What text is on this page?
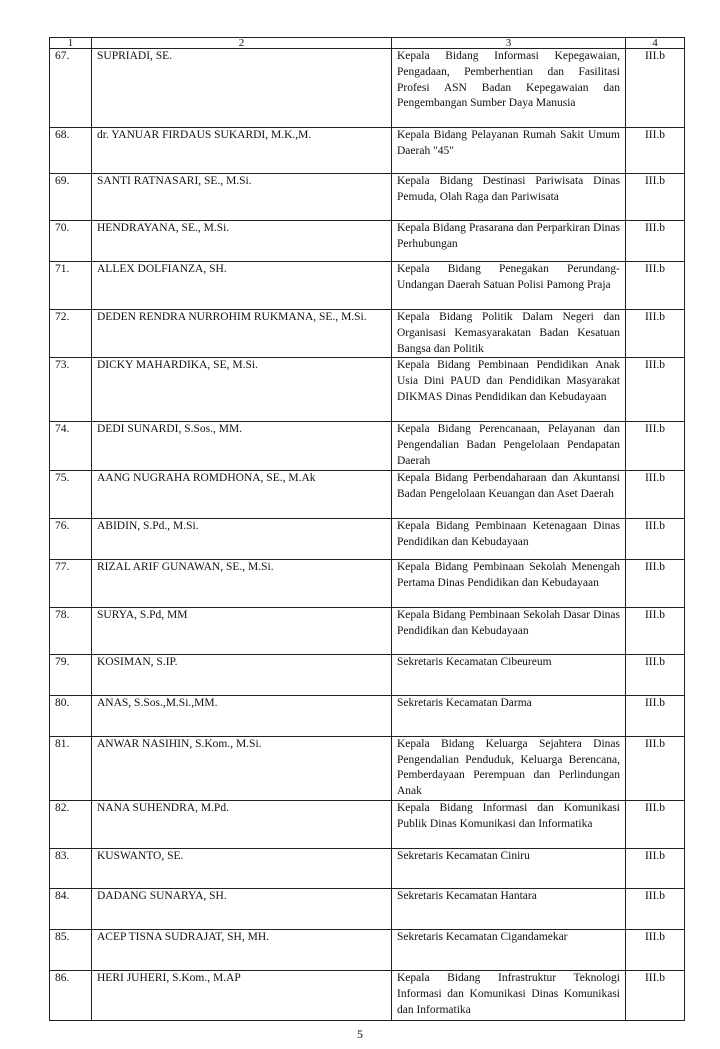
1	2	3	4
67.	SUPRIADI, SE.	Kepala Bidang Informasi Kepegawaian, Pengadaan, Pemberhentian dan Fasilitasi Profesi ASN Badan Kepegawaian dan Pengembangan Sumber Daya Manusia	III.b
68.	dr. YANUAR FIRDAUS SUKARDI, M.K.,M.	Kepala Bidang Pelayanan Rumah Sakit Umum Daerah "45"	III.b
69.	SANTI RATNASARI, SE., M.Si.	Kepala Bidang Destinasi Pariwisata Dinas Pemuda, Olah Raga dan Pariwisata	III.b
70.	HENDRAYANA, SE., M.Si.	Kepala Bidang Prasarana dan Perparkiran Dinas Perhubungan	III.b
71.	ALLEX DOLFIANZA, SH.	Kepala Bidang Penegakan Perundang-Undangan Daerah Satuan Polisi Pamong Praja	III.b
72.	DEDEN RENDRA NURROHIM RUKMANA, SE., M.Si.	Kepala Bidang Politik Dalam Negeri dan Organisasi Kemasyarakatan Badan Kesatuan Bangsa dan Politik	III.b
73.	DICKY MAHARDIKA, SE, M.Si.	Kepala Bidang Pembinaan Pendidikan Anak Usia Dini PAUD dan Pendidikan Masyarakat DIKMAS Dinas Pendidikan dan Kebudayaan	III.b
74.	DEDI SUNARDI, S.Sos., MM.	Kepala Bidang Perencanaan, Pelayanan dan Pengendalian Badan Pengelolaan Pendapatan Daerah	III.b
75.	AANG NUGRAHA ROMDHONA, SE., M.Ak	Kepala Bidang Perbendaharaan dan Akuntansi Badan Pengelolaan Keuangan dan Aset Daerah	III.b
76.	ABIDIN, S.Pd., M.Si.	Kepala Bidang Pembinaan Ketenagaan Dinas Pendidikan dan Kebudayaan	III.b
77.	RIZAL ARIF GUNAWAN, SE., M.Si.	Kepala Bidang Pembinaan Sekolah Menengah Pertama Dinas Pendidikan dan Kebudayaan	III.b
78.	SURYA, S.Pd, MM	Kepala Bidang Pembinaan Sekolah Dasar Dinas Pendidikan dan Kebudayaan	III.b
79.	KOSIMAN, S.IP.	Sekretaris Kecamatan Cibeureum	III.b
80.	ANAS, S.Sos.,M.Si.,MM.	Sekretaris Kecamatan Darma	III.b
81.	ANWAR NASIHIN, S.Kom., M.Si.	Kepala Bidang Keluarga Sejahtera Dinas Pengendalian Penduduk, Keluarga Berencana, Pemberdayaan Perempuan dan Perlindungan Anak	III.b
82.	NANA SUHENDRA, M.Pd.	Kepala Bidang Informasi dan Komunikasi Publik Dinas Komunikasi dan Informatika	III.b
83.	KUSWANTO, SE.	Sekretaris Kecamatan Ciniru	III.b
84.	DADANG SUNARYA, SH.	Sekretaris Kecamatan Hantara	III.b
85.	ACEP TISNA SUDRAJAT, SH, MH.	Sekretaris Kecamatan Cigandamekar	III.b
86.	HERI JUHERI, S.Kom., M.AP	Kepala Bidang Infrastruktur Teknologi Informasi dan Komunikasi Dinas Komunikasi dan Informatika	III.b
5
